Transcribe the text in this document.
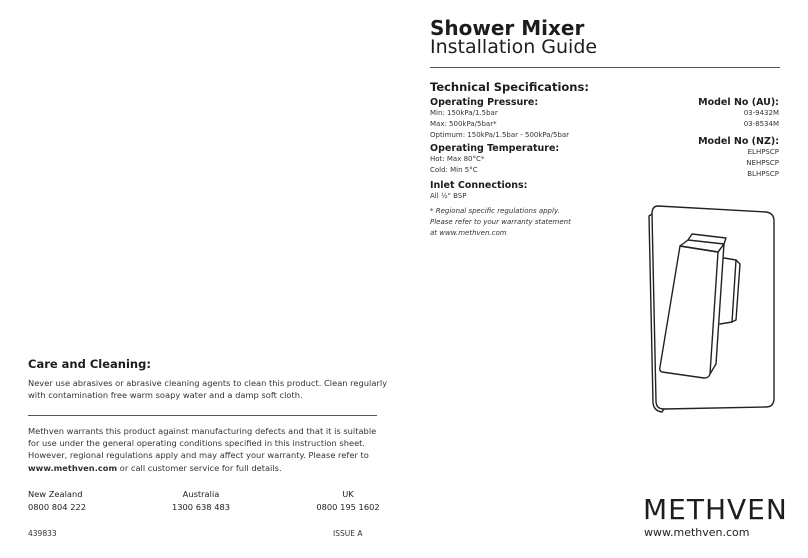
Shower Mixer
Installation Guide
Technical Specifications:
Operating Pressure:
Min: 150kPa/1.5bar
Max: 500kPa/5bar*
Optimum: 150kPa/1.5bar - 500kPa/5bar
Operating Temperature:
Hot: Max 80°C*
Cold: Min 5°C
Inlet Connections:
All ½" BSP
* Regional specific regulations apply.
Please refer to your warranty statement
at www.methven.com
Model No (AU):
03-9432M
03-8534M
Model No (NZ):
ELHPSCP
NEHPSCP
BLHPSCP
METHVEN
www.methven.com
Care and Cleaning:
Never use abrasives or abrasive cleaning agents to clean this product. Clean regularly with contamination free warm soapy water and a damp soft cloth.
Methven warrants this product against manufacturing defects and that it is suitable for use under the general operating conditions specified in this instruction sheet. However, regional regulations apply and may affect your warranty. Please refer to www.methven.com or call customer service for full details.
New Zealand
0800 804 222
Australia
1300 638 483
UK
0800 195 1602
439833	ISSUE A
